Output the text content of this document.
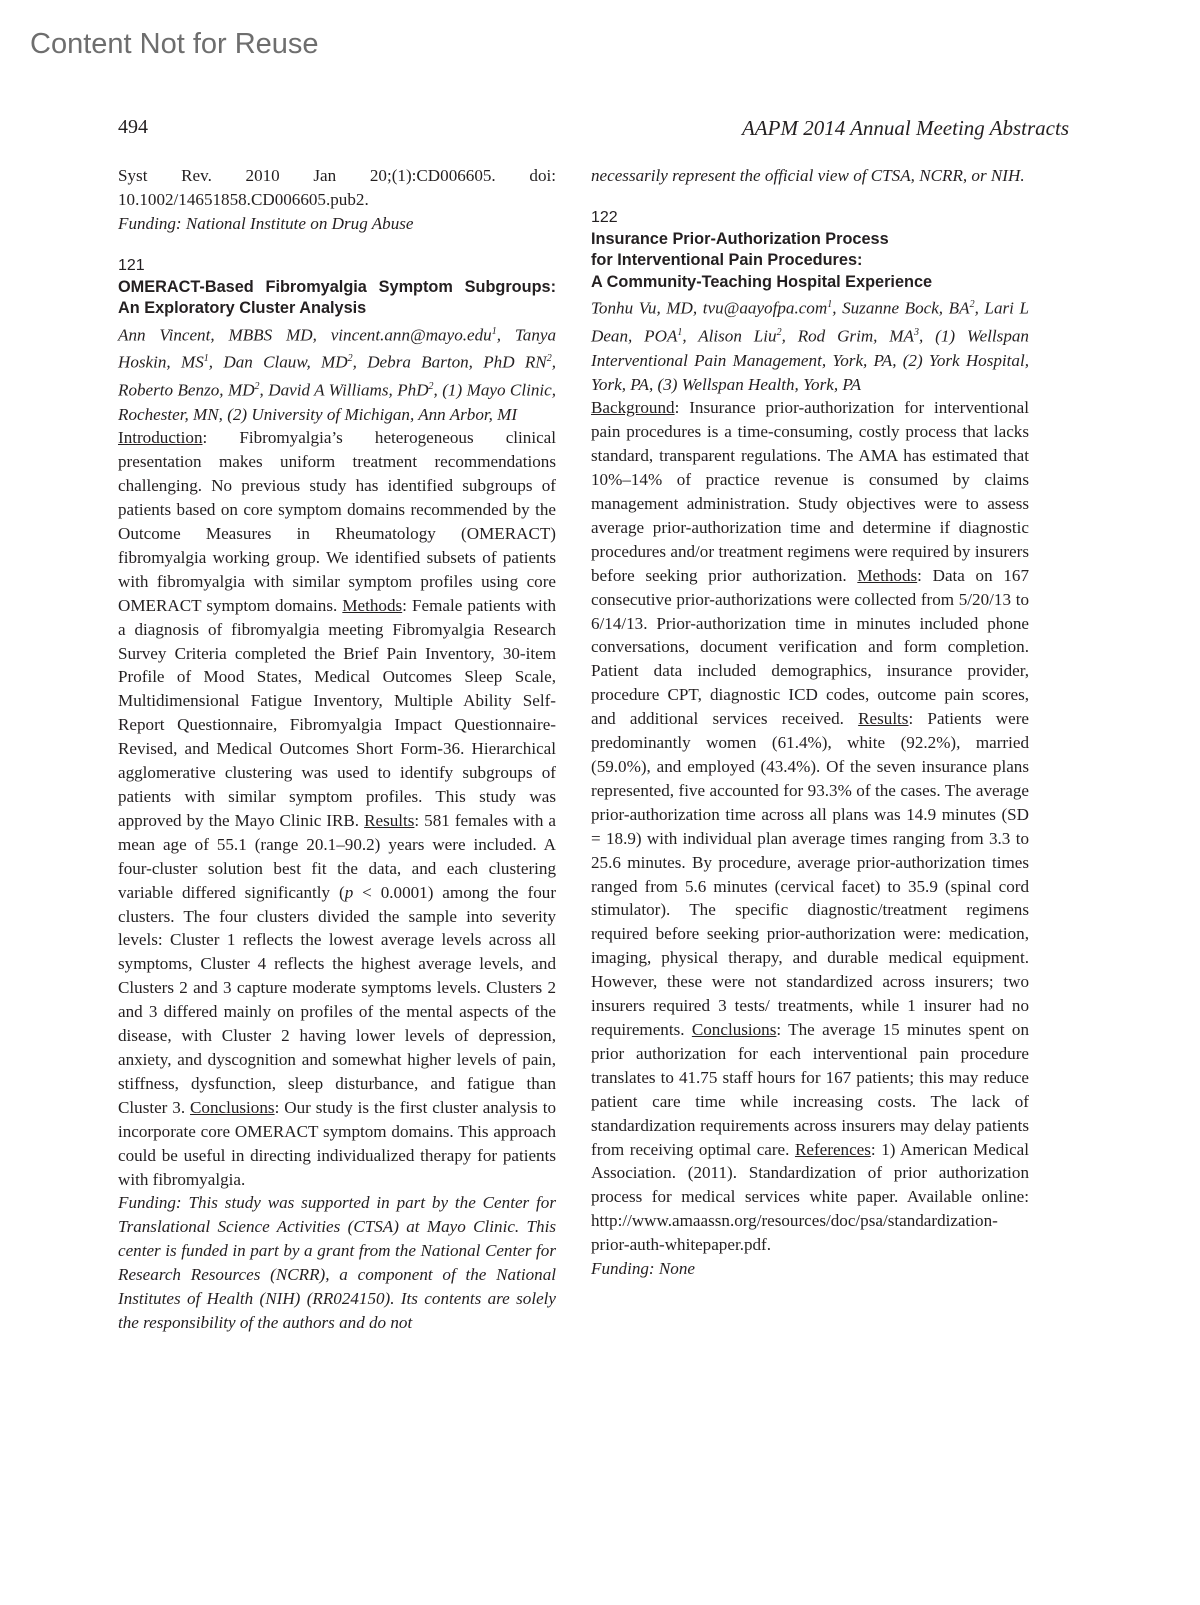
Content Not for Reuse
494	AAPM 2014 Annual Meeting Abstracts

Syst Rev. 2010 Jan 20;(1):CD006605. doi: 10.1002/14651858.CD006605.pub2.

Funding: National Institute on Drug Abuse

121

OMERACT-Based Fibromyalgia Symptom Subgroups: An Exploratory Cluster Analysis

Ann Vincent, MBBS MD, vincent.ann@mayo.edu$^1$, Tanya Hoskin, $MS^1$, Dan Clauw, $MD^2$, Debra Barton, PhD $RN^2$, Roberto Benzo, $MD^2$, David A Williams, PhD$^2$, (1) Mayo Clinic, Rochester, MN, (2) University of Michigan, Ann Arbor, MI

Introduction: Fibromyalgia’s heterogeneous clinical presentation makes uniform treatment recommendations challenging. No previous study has identified subgroups of patients based on core symptom domains recommended by the Outcome Measures in Rheumatology (OMERACT) fibromyalgia working group. We identified subsets of patients with fibromyalgia with similar symptom profiles using core OMERACT symptom domains. Methods: Female patients with a diagnosis of fibromyalgia meeting Fibromyalgia Research Survey Criteria completed the Brief Pain Inventory, 30-item Profile of Mood States, Medical Outcomes Sleep Scale, Multidimensional Fatigue Inventory, Multiple Ability Self-Report Questionnaire, Fibromyalgia Impact Questionnaire-Revised, and Medical Outcomes Short Form-36. Hierarchical agglomerative clustering was used to identify subgroups of patients with similar symptom profiles. This study was approved by the Mayo Clinic IRB. Results: 581 females with a mean age of 55.1 (range 20.1–90.2) years were included. A four-cluster solution best fit the data, and each clustering variable differed significantly (p < 0.0001) among the four clusters. The four clusters divided the sample into severity levels: Cluster 1 reflects the lowest average levels across all symptoms, Cluster 4 reflects the highest average levels, and Clusters 2 and 3 capture moderate symptoms levels. Clusters 2 and 3 differed mainly on profiles of the mental aspects of the disease, with Cluster 2 having lower levels of depression, anxiety, and dyscognition and somewhat higher levels of pain, stiffness, dysfunction, sleep disturbance, and fatigue than Cluster 3. Conclusions: Our study is the first cluster analysis to incorporate core OMERACT symptom domains. This approach could be useful in directing individualized therapy for patients with fibromyalgia.

Funding: This study was supported in part by the Center for Translational Science Activities (CTSA) at Mayo Clinic. This center is funded in part by a grant from the National Center for Research Resources (NCRR), a component of the National Institutes of Health (NIH) (RR024150). Its contents are solely the responsibility of the authors and do not

necessarily represent the official view of CTSA, NCRR, or NIH.

122

Insurance Prior-Authorization Process
for Interventional Pain Procedures:
A Community-Teaching Hospital Experience

Tonhu Vu, MD, tvu@aayofpa.com$^1$, Suzanne Bock, $BA^2$, Lari L Dean, POA$^1$, Alison Liu$^2$, Rod Grim, $MA^3$, (1) Wellspan Interventional Pain Management, York, PA, (2) York Hospital, York, PA, (3) Wellspan Health, York, PA

Background: Insurance prior-authorization for interventional pain procedures is a time-consuming, costly process that lacks standard, transparent regulations. The AMA has estimated that 10%–14% of practice revenue is consumed by claims management administration. Study objectives were to assess average prior-authorization time and determine if diagnostic procedures and/or treatment regimens were required by insurers before seeking prior authorization. Methods: Data on 167 consecutive prior-authorizations were collected from 5/20/13 to 6/14/13. Prior-authorization time in minutes included phone conversations, document verification and form completion. Patient data included demographics, insurance provider, procedure CPT, diagnostic ICD codes, outcome pain scores, and additional services received. Results: Patients were predominantly women (61.4%), white (92.2%), married (59.0%), and employed (43.4%). Of the seven insurance plans represented, five accounted for 93.3% of the cases. The average prior-authorization time across all plans was 14.9 minutes (SD = 18.9) with individual plan average times ranging from 3.3 to 25.6 minutes. By procedure, average prior-authorization times ranged from 5.6 minutes (cervical facet) to 35.9 (spinal cord stimulator). The specific diagnostic/treatment regimens required before seeking prior-authorization were: medication, imaging, physical therapy, and durable medical equipment. However, these were not standardized across insurers; two insurers required 3 tests/ treatments, while 1 insurer had no requirements. Conclusions: The average 15 minutes spent on prior authorization for each interventional pain procedure translates to 41.75 staff hours for 167 patients; this may reduce patient care time while increasing costs. The lack of standardization requirements across insurers may delay patients from receiving optimal care. References: 1) American Medical Association. (2011). Standardization of prior authorization process for medical services white paper. Available online: http://www.amaassn.org/resources/doc/psa/standardization-prior-auth-whitepaper.pdf.

Funding: None
